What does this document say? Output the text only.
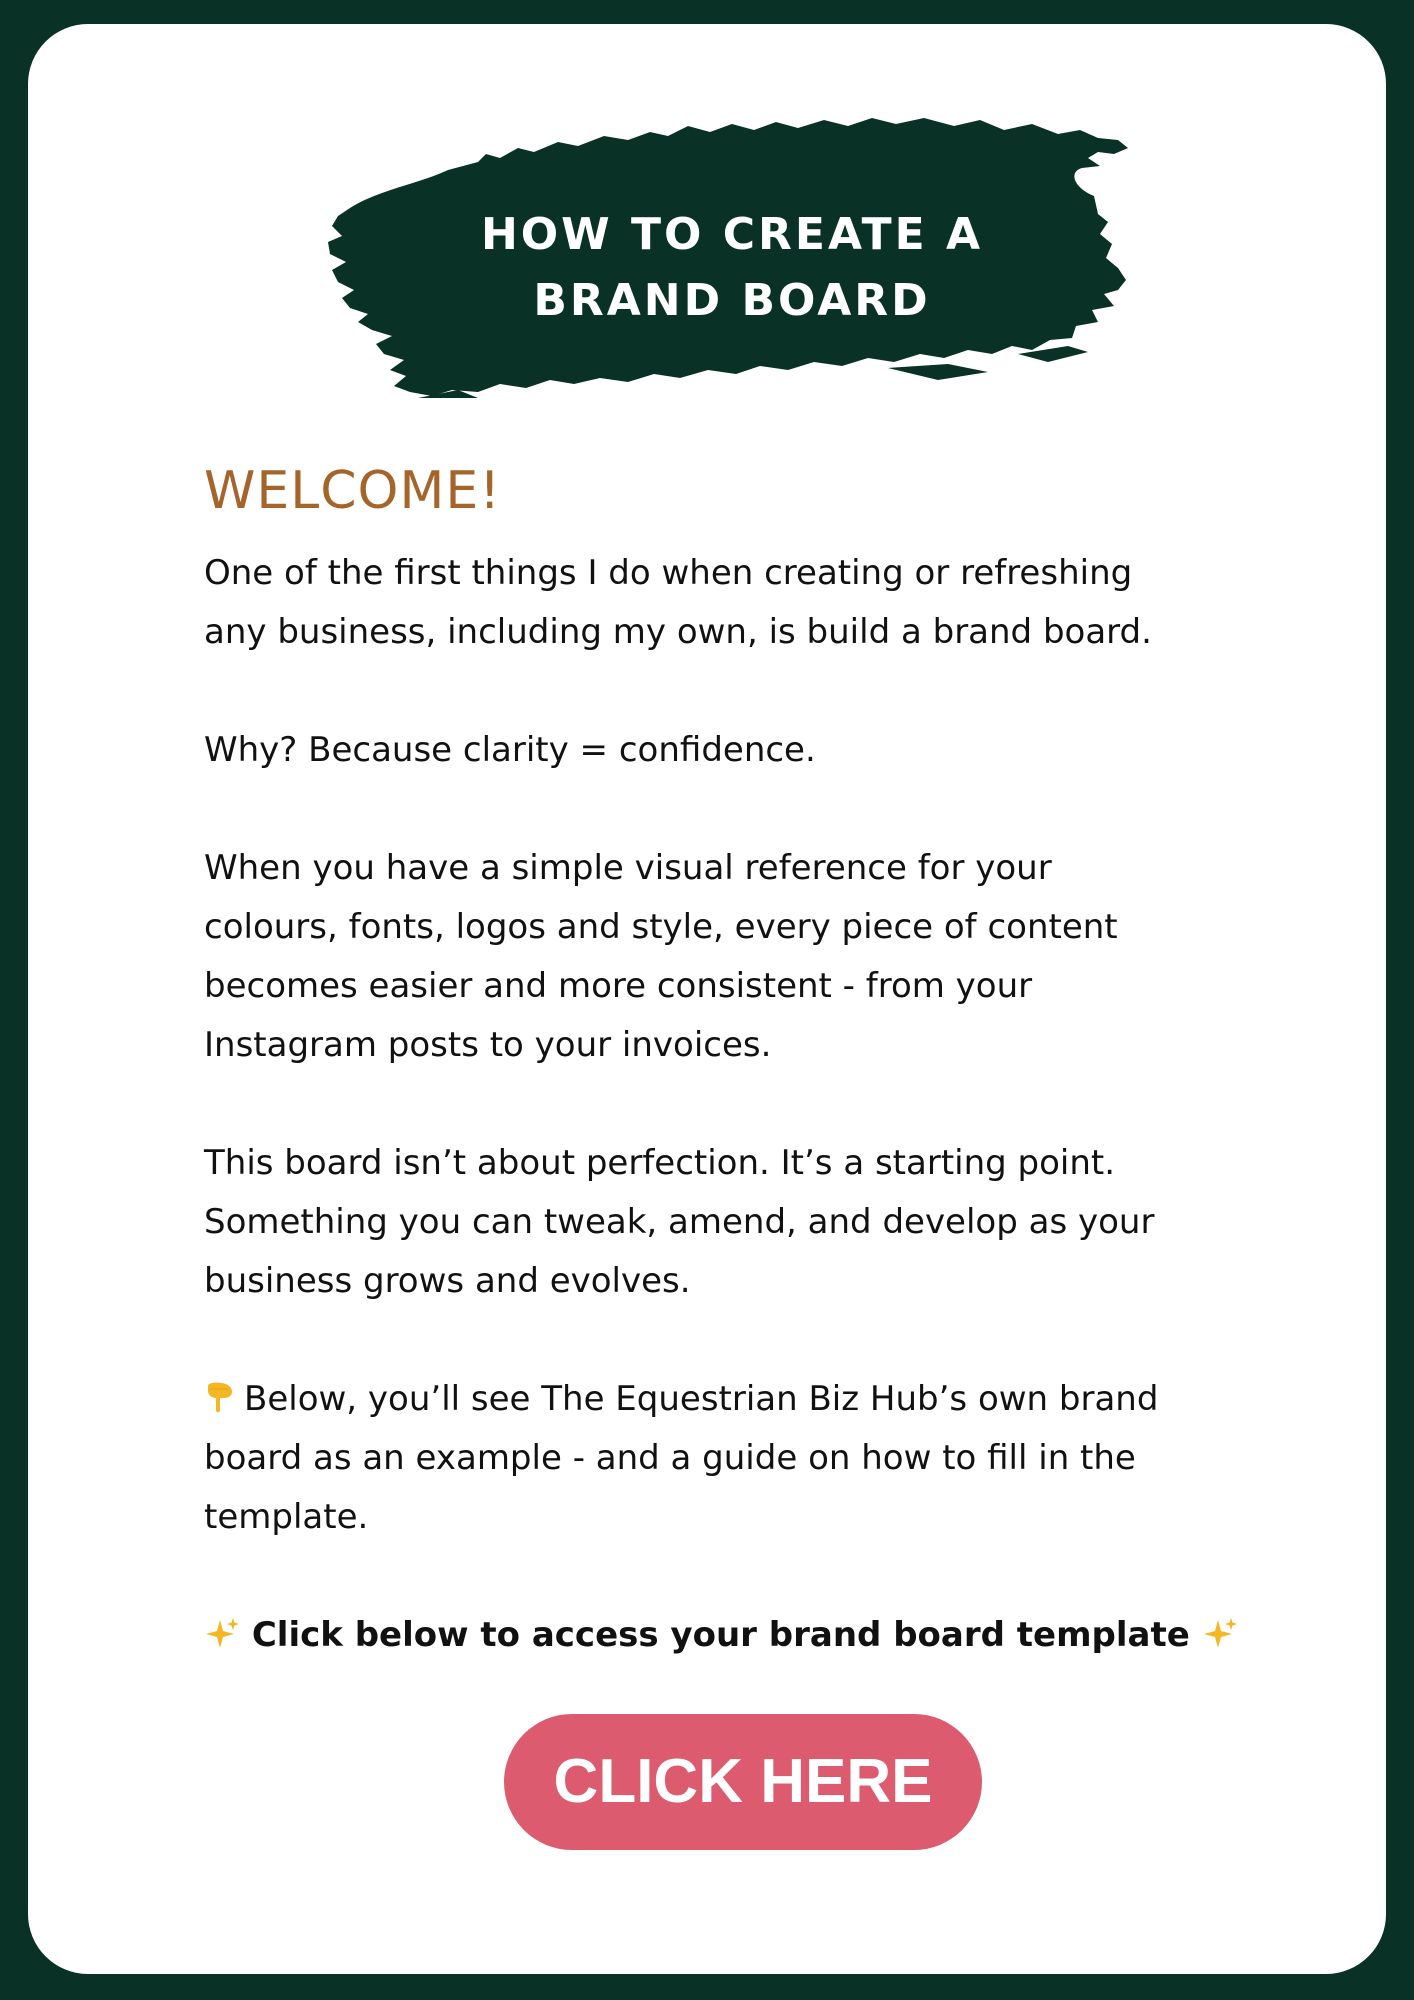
HOW TO CREATE A
BRAND BOARD
WELCOME!

One of the first things I do when creating or refreshing
any business, including my own, is build a brand board.

Why? Because clarity = confidence.

When you have a simple visual reference for your
colours, fonts, logos and style, every piece of content
becomes easier and more consistent - from your
Instagram posts to your invoices.

This board isn’t about perfection. It’s a starting point.
Something you can tweak, amend, and develop as your
business grows and evolves.

Below, you’ll see The Equestrian Biz Hub’s own brand
board as an example - and a guide on how to fill in the
template.

Click below to access your brand board template

CLICK HERE
